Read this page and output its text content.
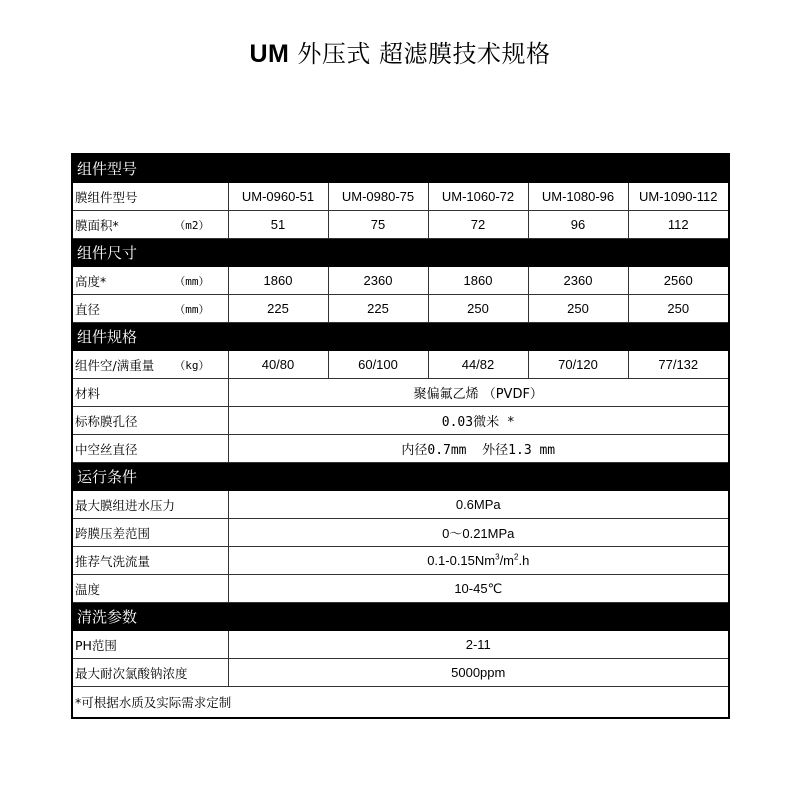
UM 外压式 超滤膜技术规格
组件型号					
膜组件型号	UM-0960-51	UM-0980-75	UM-1060-72	UM-1080-96	UM-1090-112
膜面积* （m2）	51	75	72	96	112
组件尺寸					
高度* （mm）	1860	2360	1860	2360	2560
直径 （mm）	225	225	250	250	250
组件规格					
组件空/满重量 （kg）	40/80	60/100	44/82	70/120	77/132
材料	聚偏氟乙烯 （PVDF）				
标称膜孔径	0.03微米 *				
中空丝直径	内径0.7mm  外径1.3 mm				
运行条件					
最大膜组进水压力	0.6MPa				
跨膜压差范围	0～0.21MPa				
推荐气洗流量	$0.1-0.15Nm^3/m^2.h$				
温度	10-45℃				
清洗参数					
PH范围	2-11				
最大耐次氯酸钠浓度	5000ppm				
*可根据水质及实际需求定制					
